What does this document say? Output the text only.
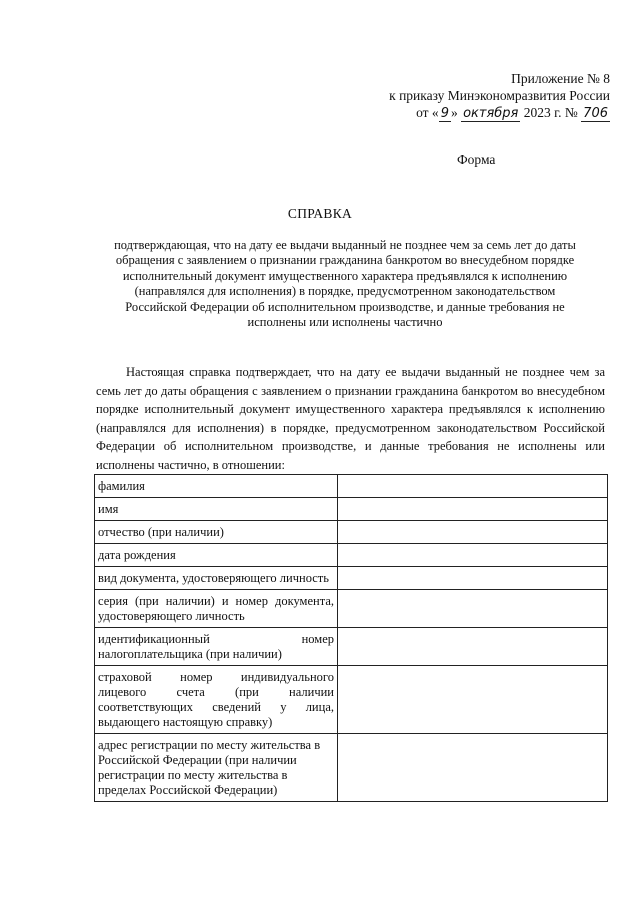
Приложение № 8
к приказу Минэкономразвития России
от « 9 » октября 2023 г. № 706
Форма
СПРАВКА
подтверждающая, что на дату ее выдачи выданный не позднее чем за семь лет до даты обращения с заявлением о признании гражданина банкротом во внесудебном порядке исполнительный документ имущественного характера предъявлялся к исполнению (направлялся для исполнения) в порядке, предусмотренном законодательством Российской Федерации об исполнительном производстве, и данные требования не исполнены или исполнены частично
Настоящая справка подтверждает, что на дату ее выдачи выданный не позднее чем за семь лет до даты обращения с заявлением о признании гражданина банкротом во внесудебном порядке исполнительный документ имущественного характера предъявлялся к исполнению (направлялся для исполнения) в порядке, предусмотренном законодательством Российской Федерации об исполнительном производстве, и данные требования не исполнены или исполнены частично, в отношении:
фамилия	
имя	
отчество (при наличии)	
дата рождения	
вид документа, удостоверяющего личность	
серия (при наличии) и номер документа, удостоверяющего личность	
идентификационный номер налогоплательщика (при наличии)	
страховой номер индивидуального лицевого счета (при наличии соответствующих сведений у лица, выдающего настоящую справку)	
адрес регистрации по месту жительства в Российской Федерации (при наличии регистрации по месту жительства в пределах Российской Федерации)	
